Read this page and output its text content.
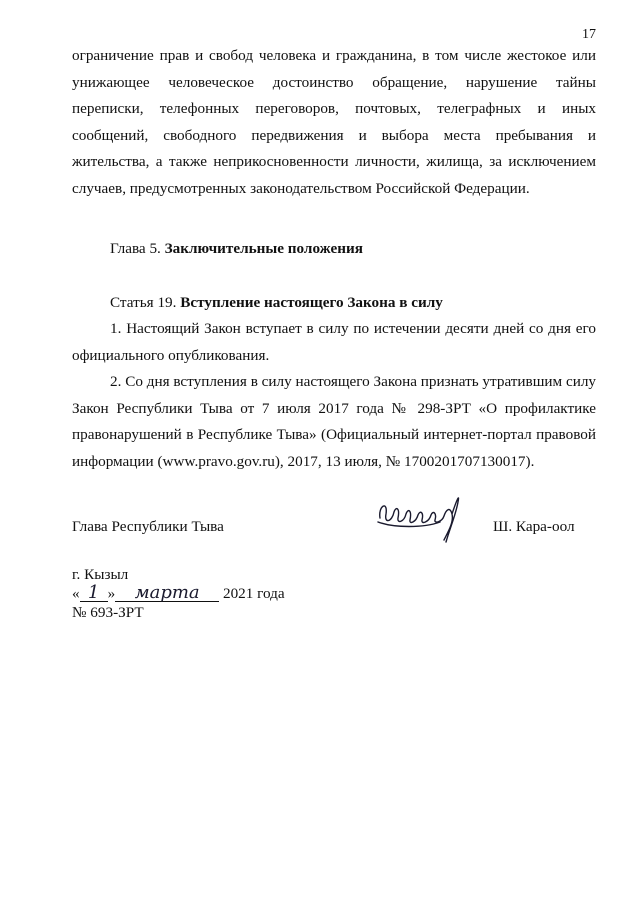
17

ограничение прав и свобод человека и гражданина, в том числе жестокое или унижающее человеческое достоинство обращение, нарушение тайны переписки, телефонных переговоров, почтовых, телеграфных и иных сообщений, свободного передвижения и выбора места пребывания и жительства, а также неприкосновенности личности, жилища, за исключением случаев, предусмотренных законодательством Российской Федерации.

Глава 5. Заключительные положения
Статья 19. Вступление настоящего Закона в силу

1. Настоящий Закон вступает в силу по истечении десяти дней со дня его официального опубликования.

2. Со дня вступления в силу настоящего Закона признать утратившим силу Закон Республики Тыва от 7 июля 2017 года № 298-ЗРТ «О профилактике правонарушений в Республике Тыва» (Официальный интернет-портал правовой информации (www.pravo.gov.ru), 2017, 13 июля, № 1700201707130017).

Глава Республики Тыва	Ш. Кара-оол
г. Кызыл
« 1 » марта 2021 года
№ 693-ЗРТ
